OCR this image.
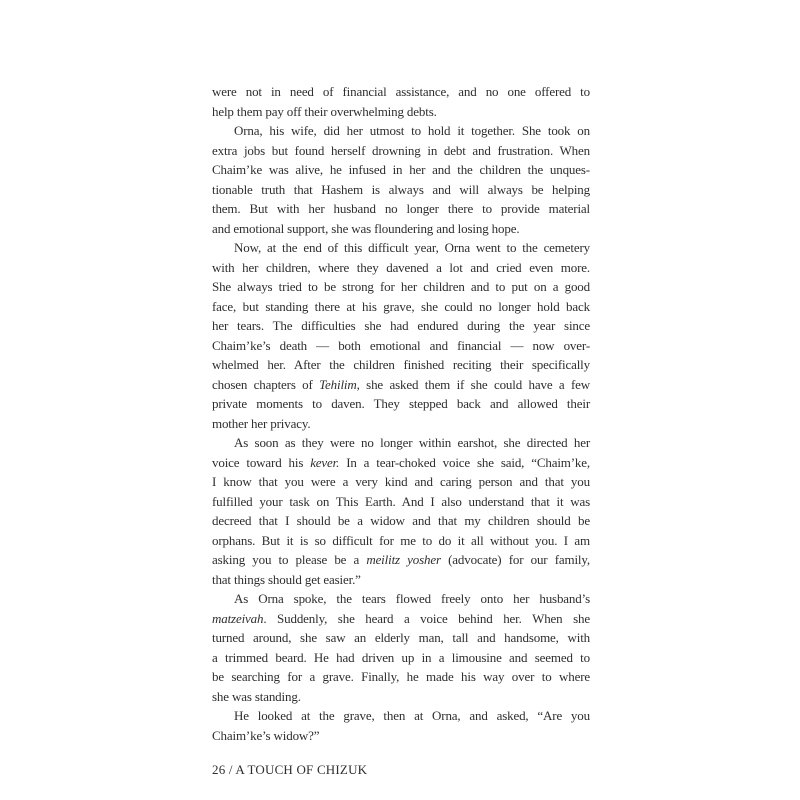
were not in need of financial assistance, and no one offered to
help them pay off their overwhelming debts.
Orna, his wife, did her utmost to hold it together. She took on
extra jobs but found herself drowning in debt and frustration. When
Chaim’ke was alive, he infused in her and the children the unques-
tionable truth that Hashem is always and will always be helping
them. But with her husband no longer there to provide material
and emotional support, she was floundering and losing hope.
Now, at the end of this difficult year, Orna went to the cemetery
with her children, where they davened a lot and cried even more.
She always tried to be strong for her children and to put on a good
face, but standing there at his grave, she could no longer hold back
her tears. The difficulties she had endured during the year since
Chaim’ke’s death — both emotional and financial — now over-
whelmed her. After the children finished reciting their specifically
chosen chapters of Tehilim, she asked them if she could have a few
private moments to daven. They stepped back and allowed their
mother her privacy.
As soon as they were no longer within earshot, she directed her
voice toward his kever. In a tear-choked voice she said, “Chaim’ke,
I know that you were a very kind and caring person and that you
fulfilled your task on This Earth. And I also understand that it was
decreed that I should be a widow and that my children should be
orphans. But it is so difficult for me to do it all without you. I am
asking you to please be a meilitz yosher (advocate) for our family,
that things should get easier.”
As Orna spoke, the tears flowed freely onto her husband’s
matzeivah. Suddenly, she heard a voice behind her. When she
turned around, she saw an elderly man, tall and handsome, with
a trimmed beard. He had driven up in a limousine and seemed to
be searching for a grave. Finally, he made his way over to where
she was standing.
He looked at the grave, then at Orna, and asked, “Are you
Chaim’ke’s widow?”
26 / A TOUCH OF CHIZUK
